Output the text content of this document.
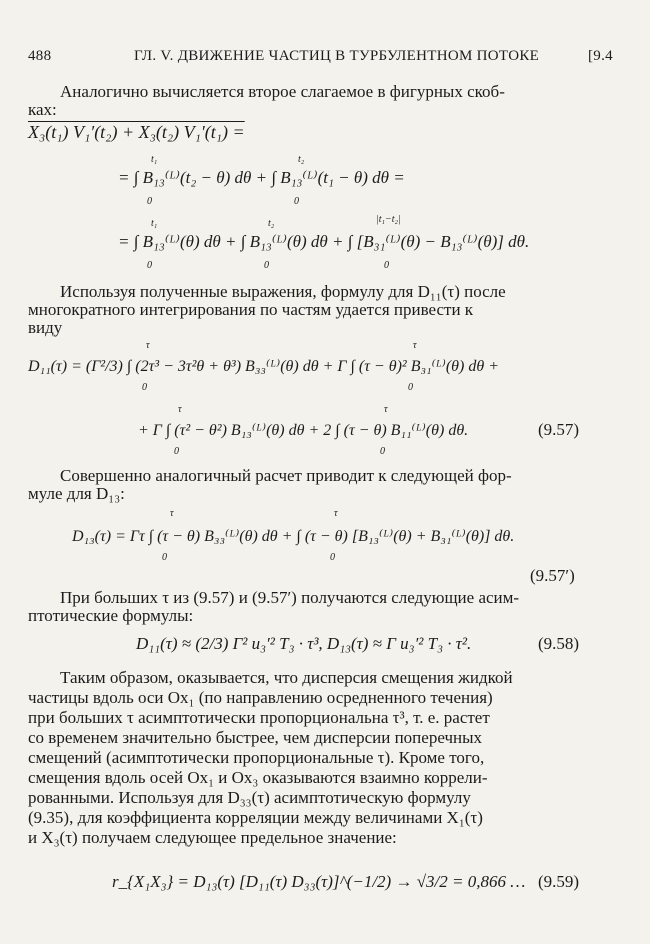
488	ГЛ. V. ДВИЖЕНИЕ ЧАСТИЦ В ТУРБУЛЕНТНОМ ПОТОКЕ	[9.4
Аналогично вычисляется второе слагаемое в фигурных скоб-
ках:
X₃(t₁) V₁′(t₂) + X₃(t₂) V₁′(t₁) =
= ∫ B₁₃⁽ᴸ⁾(t₂ − θ) dθ + ∫ B₁₃⁽ᴸ⁾(t₁ − θ) dθ =
t₁
0
t₂
0
= ∫ B₁₃⁽ᴸ⁾(θ) dθ + ∫ B₁₃⁽ᴸ⁾(θ) dθ + ∫ [B₃₁⁽ᴸ⁾(θ) − B₁₃⁽ᴸ⁾(θ)] dθ.
t₁
0
t₂
0
|t₁−t₂|
0
Используя полученные выражения, формулу для D₁₁(τ) после
многократного интегрирования по частям удается привести к
виду
D₁₁(τ) = (Γ²/3) ∫ (2τ³ − 3τ²θ + θ³) B₃₃⁽ᴸ⁾(θ) dθ + Γ ∫ (τ − θ)² B₃₁⁽ᴸ⁾(θ) dθ +
τ
0
τ
0
+ Γ ∫ (τ² − θ²) B₁₃⁽ᴸ⁾(θ) dθ + 2 ∫ (τ − θ) B₁₁⁽ᴸ⁾(θ) dθ.
τ
0
τ
0
(9.57)
Совершенно аналогичный расчет приводит к следующей фор-
муле для D₁₃:
D₁₃(τ) = Γτ ∫ (τ − θ) B₃₃⁽ᴸ⁾(θ) dθ + ∫ (τ − θ) [B₁₃⁽ᴸ⁾(θ) + B₃₁⁽ᴸ⁾(θ)] dθ.
τ
0
τ
0
(9.57′)
При больших τ из (9.57) и (9.57′) получаются следующие асим-
птотические формулы:
D₁₁(τ) ≈ (2/3) Γ² u₃′² T₃ · τ³, D₁₃(τ) ≈ Γ u₃′² T₃ · τ².	(9.58)
Таким образом, оказывается, что дисперсия смещения жидкой
частицы вдоль оси Ox₁ (по направлению осредненного течения)
при больших τ асимптотически пропорциональна τ³, т. е. растет
со временем значительно быстрее, чем дисперсии поперечных
смещений (асимптотически пропорциональные τ). Кроме того,
смещения вдоль осей Ox₁ и Ox₃ оказываются взаимно коррели-
рованными. Используя для D₃₃(τ) асимптотическую формулу
(9.35), для коэффициента корреляции между величинами X₁(τ)
и X₃(τ) получаем следующее предельное значение:
r_{X₁X₃} = D₁₃(τ) [D₁₁(τ) D₃₃(τ)]^(−1/2) → √3/2 = 0,866 … (9.59)
